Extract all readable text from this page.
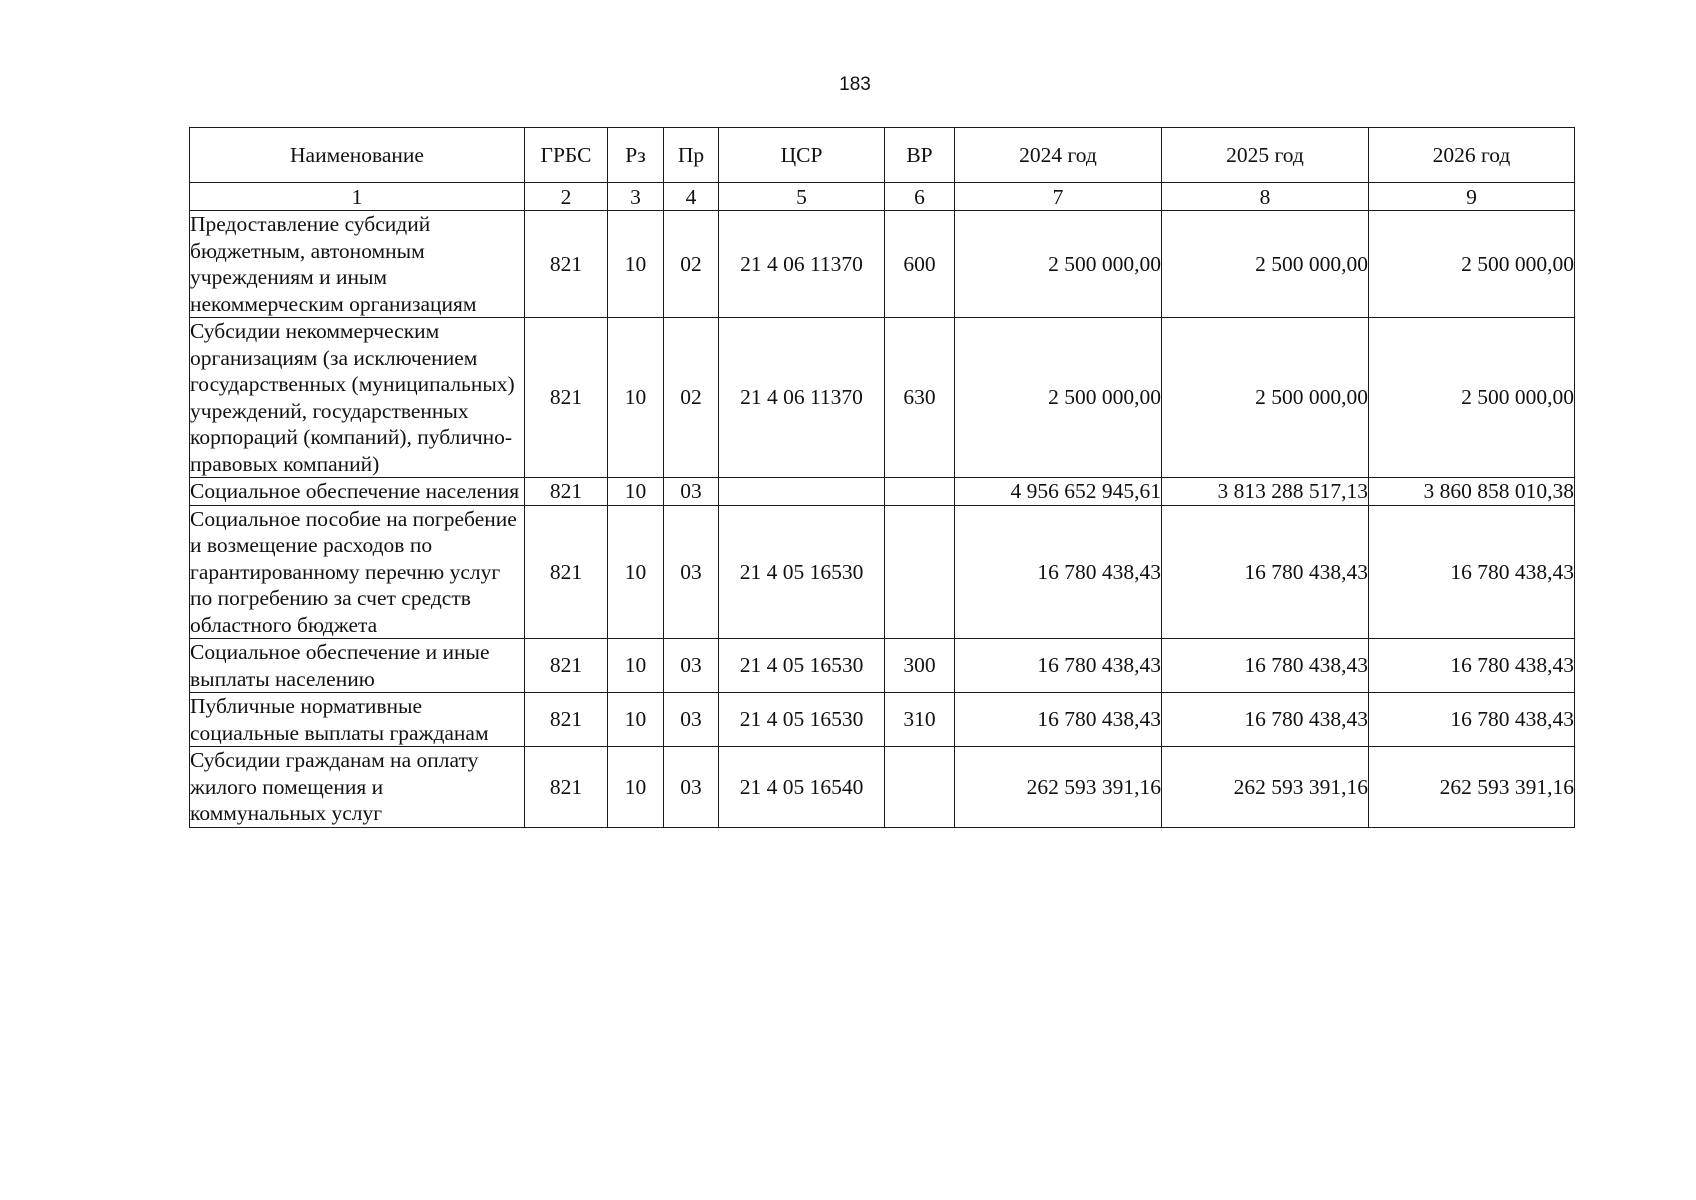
183
Наименование	ГРБС	Рз	Пр	ЦСР	ВР	2024 год	2025 год	2026 год
1	2	3	4	5	6	7	8	9
Предоставление субсидий бюджетным, автономным учреждениям и иным некоммерческим организациям	821	10	02	21 4 06 11370	600	2 500 000,00	2 500 000,00	2 500 000,00
Субсидии некоммерческим организациям (за исключением государственных (муниципальных) учреждений, государственных корпораций (компаний), публично-правовых компаний)	821	10	02	21 4 06 11370	630	2 500 000,00	2 500 000,00	2 500 000,00
Социальное обеспечение населения	821	10	03			4 956 652 945,61	3 813 288 517,13	3 860 858 010,38
Социальное пособие на погребение и возмещение расходов по гарантированному перечню услуг по погребению за счет средств областного бюджета	821	10	03	21 4 05 16530		16 780 438,43	16 780 438,43	16 780 438,43
Социальное обеспечение и иные выплаты населению	821	10	03	21 4 05 16530	300	16 780 438,43	16 780 438,43	16 780 438,43
Публичные нормативные социальные выплаты гражданам	821	10	03	21 4 05 16530	310	16 780 438,43	16 780 438,43	16 780 438,43
Субсидии гражданам на оплату жилого помещения и коммунальных услуг	821	10	03	21 4 05 16540		262 593 391,16	262 593 391,16	262 593 391,16
